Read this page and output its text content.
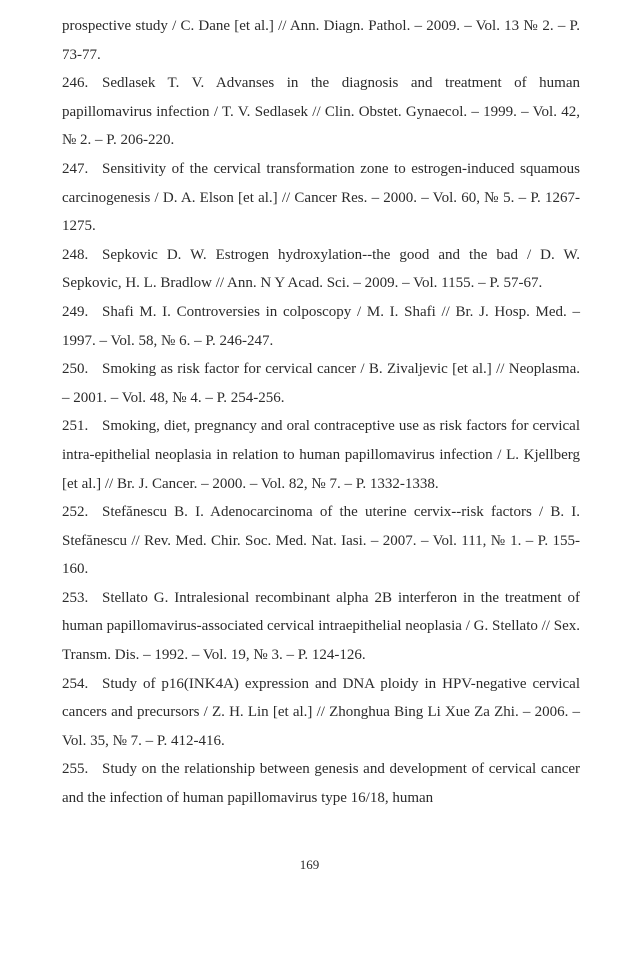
prospective study / C. Dane [et al.] // Ann. Diagn. Pathol. – 2009. – Vol. 13 № 2. – P. 73-77.

246. Sedlasek T. V. Advanses in the diagnosis and treatment of human papillomavirus infection / T. V. Sedlasek // Clin. Obstet. Gynaecol. – 1999. – Vol. 42, № 2. – P. 206-220.

247. Sensitivity of the cervical transformation zone to estrogen-induced squamous carcinogenesis / D. A. Elson [et al.] // Cancer Res. – 2000. – Vol. 60, № 5. – P. 1267-1275.

248. Sepkovic D. W. Estrogen hydroxylation--the good and the bad / D. W. Sepkovic, H. L. Bradlow // Ann. N Y Acad. Sci. – 2009. – Vol. 1155. – P. 57-67.

249. Shafi M. I. Controversies in colposcopy / M. I. Shafi // Br. J. Hosp. Med. –1997. – Vol. 58, № 6. – P. 246-247.

250. Smoking as risk factor for cervical cancer / B. Zivaljevic [et al.] // Neoplasma. – 2001. – Vol. 48, № 4. – P. 254-256.

251. Smoking, diet, pregnancy and oral contraceptive use as risk factors for cervical intra-epithelial neoplasia in relation to human papillomavirus infection / L. Kjellberg [et al.] // Br. J. Cancer. – 2000. – Vol. 82, № 7. – P. 1332-1338.

252. Stefănescu B. I. Adenocarcinoma of the uterine cervix--risk factors / B. I. Stefănescu // Rev. Med. Chir. Soc. Med. Nat. Iasi. – 2007. – Vol. 111, № 1. – P. 155- 160.

253. Stellato G. Intralesional recombinant alpha 2B interferon in the treatment of human papillomavirus-associated cervical intraepithelial neoplasia / G. Stellato // Sex. Transm. Dis. – 1992. – Vol. 19, № 3. – P. 124-126.

254. Study of p16(INK4A) expression and DNA ploidy in HPV-negative cervical cancers and precursors / Z. H. Lin [et al.] // Zhonghua Bing Li Xue Za Zhi. – 2006. – Vol. 35, № 7. – P. 412-416.

255. Study on the relationship between genesis and development of cervical cancer and the infection of human papillomavirus type 16/18, human

169
